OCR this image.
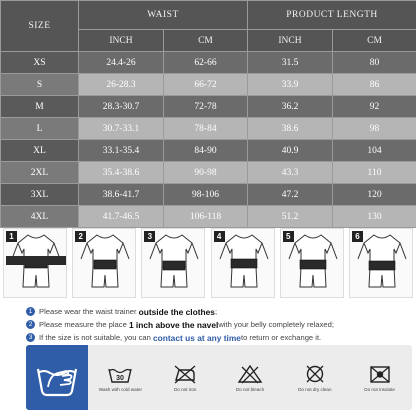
SIZE	WAIST		PRODUCT LENGTH	
	INCH	CM	INCH	CM
XS	24.4-26	62-66	31.5	80
S	26-28.3	66-72	33.9	86
M	28.3-30.7	72-78	36.2	92
L	30.7-33.1	78-84	38.6	98
XL	33.1-35.4	84-90	40.9	104
2XL	35.4-38.6	90-98	43.3	110
3XL	38.6-41.7	98-106	47.2	120
4XL	41.7-46.5	106-118	51.2	130
1	2	3	4	5	6
1 Please wear the waist trainer
outside the clothes ;
2 Please measure the place
1 inch above the navel with your belly completely relaxed;
3 If the size is not suitable, you can
contact us at any time to return or exchange it.
30
Wash with cold water	Do not iron	Do not bleach	Do not dry clean	Do not insolate
